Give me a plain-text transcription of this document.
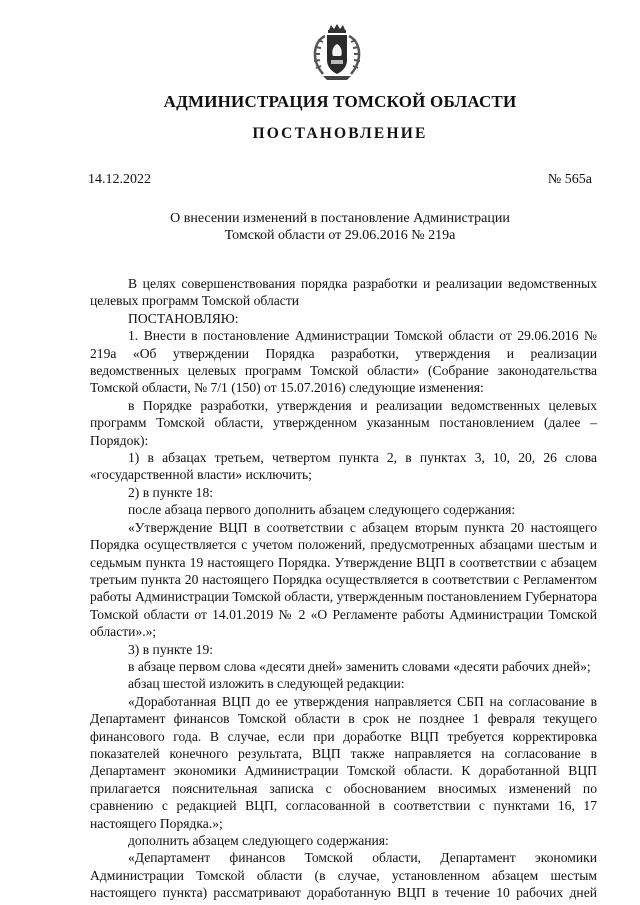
АДМИНИСТРАЦИЯ ТОМСКОЙ ОБЛАСТИ
ПОСТАНОВЛЕНИЕ
14.12.2022	№ 565а
О внесении изменений в постановление Администрации
Томской области от 29.06.2016 № 219а

В целях совершенствования порядка разработки и реализации ведомственных целевых программ Томской области

ПОСТАНОВЛЯЮ:

1. Внести в постановление Администрации Томской области от 29.06.2016 № 219а «Об утверждении Порядка разработки, утверждения и реализации ведомственных целевых программ Томской области» (Собрание законодательства Томской области, № 7/1 (150) от 15.07.2016) следующие изменения:

в Порядке разработки, утверждения и реализации ведомственных целевых программ Томской области, утвержденном указанным постановлением (далее – Порядок):

1) в абзацах третьем, четвертом пункта 2, в пунктах 3, 10, 20, 26 слова «государственной власти» исключить;

2) в пункте 18:

после абзаца первого дополнить абзацем следующего содержания:

«Утверждение ВЦП в соответствии с абзацем вторым пункта 20 настоящего Порядка осуществляется с учетом положений, предусмотренных абзацами шестым и седьмым пункта 19 настоящего Порядка. Утверждение ВЦП в соответствии с абзацем третьим пункта 20 настоящего Порядка осуществляется в соответствии с Регламентом работы Администрации Томской области, утвержденным постановлением Губернатора Томской области от 14.01.2019 № 2 «О Регламенте работы Администрации Томской области».»;

3) в пункте 19:

в абзаце первом слова «десяти дней» заменить словами «десяти рабочих дней»;

абзац шестой изложить в следующей редакции:

«Доработанная ВЦП до ее утверждения направляется СБП на согласование в Департамент финансов Томской области в срок не позднее 1 февраля текущего финансового года. В случае, если при доработке ВЦП требуется корректировка показателей конечного результата, ВЦП также направляется на согласование в Департамент экономики Администрации Томской области. К доработанной ВЦП прилагается пояснительная записка с обоснованием вносимых изменений по сравнению с редакцией ВЦП, согласованной в соответствии с пунктами 16, 17 настоящего Порядка.»;

дополнить абзацем следующего содержания:

«Департамент финансов Томской области, Департамент экономики Администрации Томской области (в случае, установленном абзацем шестым настоящего пункта) рассматривают доработанную ВЦП в течение 10 рабочих дней
